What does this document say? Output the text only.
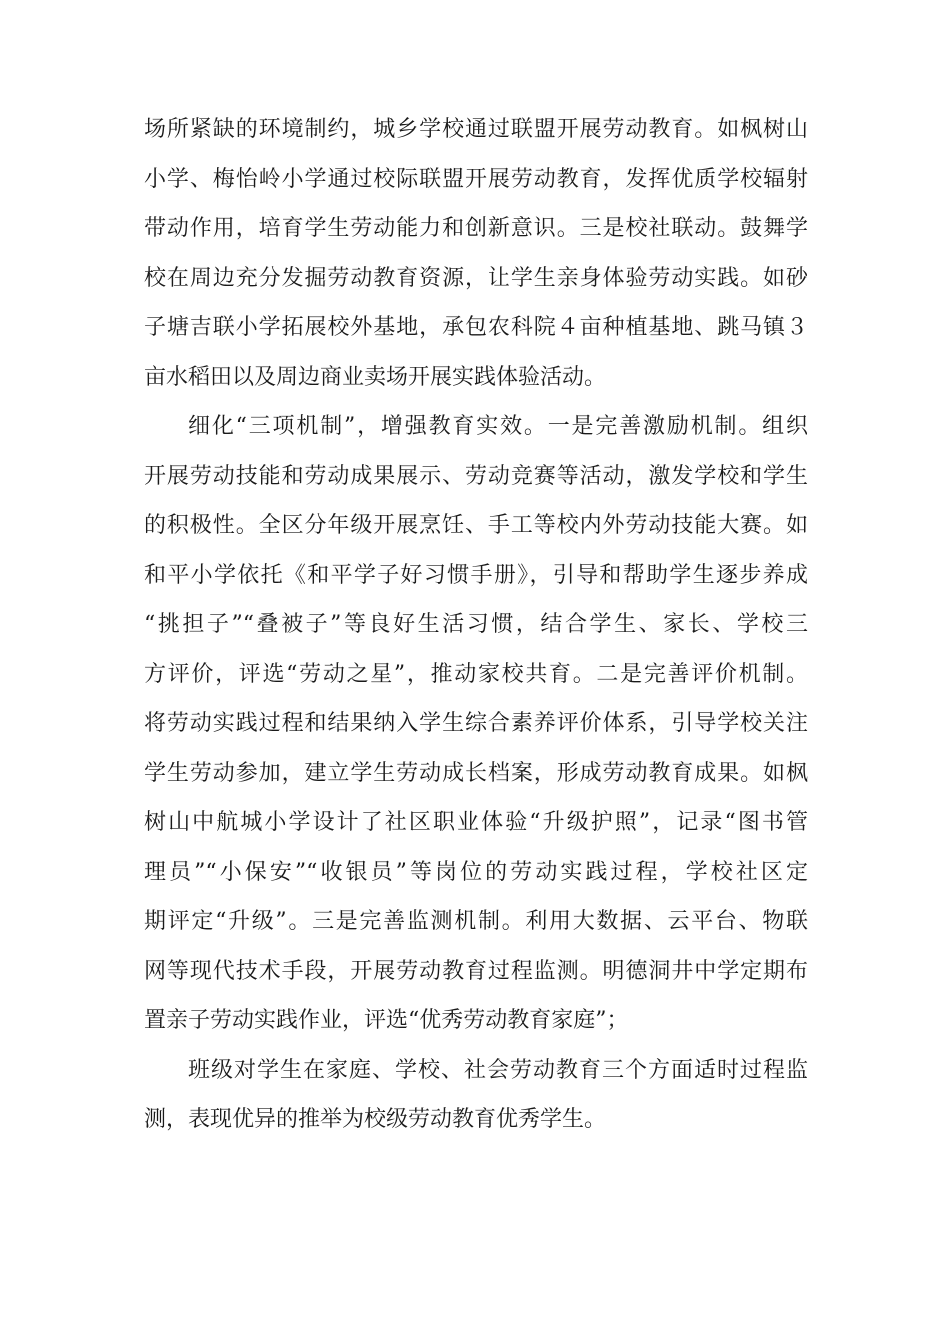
场所紧缺的环境制约，城乡学校通过联盟开展劳动教育。如枫树山
小学、梅怡岭小学通过校际联盟开展劳动教育，发挥优质学校辐射
带动作用，培育学生劳动能力和创新意识。三是校社联动。鼓舞学
校在周边充分发掘劳动教育资源，让学生亲身体验劳动实践。如砂
子塘吉联小学拓展校外基地，承包农科院４亩种植基地、跳马镇３
亩水稻田以及周边商业卖场开展实践体验活动。
细化“三项机制”，增强教育实效。一是完善激励机制。组织
开展劳动技能和劳动成果展示、劳动竞赛等活动，激发学校和学生
的积极性。全区分年级开展烹饪、手工等校内外劳动技能大赛。如
和平小学依托《和平学子好习惯手册》，引导和帮助学生逐步养成
“挑担子”“叠被子”等良好生活习惯，结合学生、家长、学校三
方评价，评选“劳动之星”，推动家校共育。二是完善评价机制。
将劳动实践过程和结果纳入学生综合素养评价体系，引导学校关注
学生劳动参加，建立学生劳动成长档案，形成劳动教育成果。如枫
树山中航城小学设计了社区职业体验“升级护照”，记录“图书管
理员”“小保安”“收银员”等岗位的劳动实践过程，学校社区定
期评定“升级”。三是完善监测机制。利用大数据、云平台、物联
网等现代技术手段，开展劳动教育过程监测。明德洞井中学定期布
置亲子劳动实践作业，评选“优秀劳动教育家庭”；
班级对学生在家庭、学校、社会劳动教育三个方面适时过程监
测，表现优异的推举为校级劳动教育优秀学生。
